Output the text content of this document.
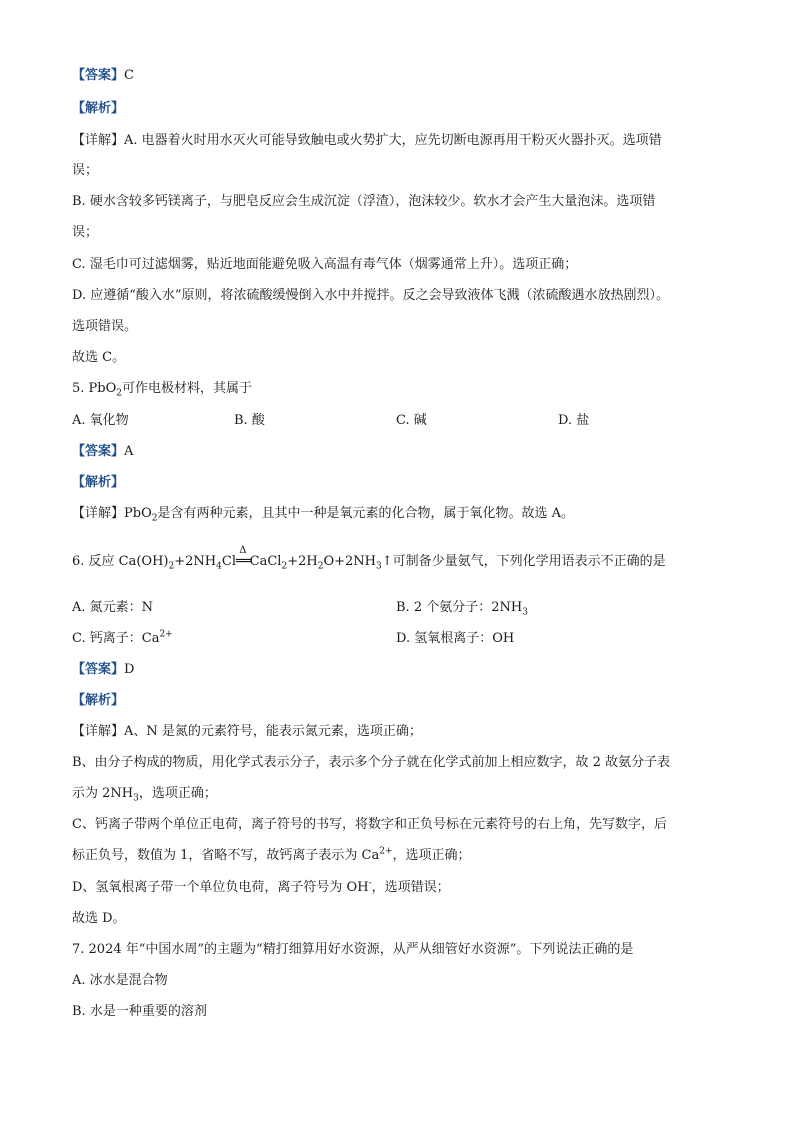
【答案】C
【解析】
【详解】A. 电器着火时用水灭火可能导致触电或火势扩大，应先切断电源再用干粉灭火器扑灭。选项错
误；
B. 硬水含较多钙镁离子，与肥皂反应会生成沉淀（浮渣），泡沫较少。软水才会产生大量泡沫。选项错
误；
C. 湿毛巾可过滤烟雾，贴近地面能避免吸入高温有毒气体（烟雾通常上升）。选项正确；
D. 应遵循“酸入水”原则，将浓硫酸缓慢倒入水中并搅拌。反之会导致液体飞溅（浓硫酸遇水放热剧烈）。
选项错误。
故选 C。
5. PbO$_2$可作电极材料，其属于
A. 氧化物	B. 酸	C. 碱	D. 盐
【答案】A
【解析】
【详解】PbO$_2$是含有两种元素，且其中一种是氧元素的化合物，属于氧化物。故选 A。
6. 反应 $Ca(OH)_2+2NH_4Cl$
Δ
$══CaCl_2+2H_2O+2NH_3↑$可制备少量氨气，下列化学用语表示不正确的是
A. 氮元素：N	B. 2 个氨分子：$2NH_3$
C. 钙离子：$Ca^{2+}$	D. 氢氧根离子：OH
【答案】D
【解析】
【详解】A、N 是氮的元素符号，能表示氮元素，选项正确；
B、由分子构成的物质，用化学式表示分子，表示多个分子就在化学式前加上相应数字，故 2 故氨分子表
示为 $2NH_3$，选项正确；
C、钙离子带两个单位正电荷，离子符号的书写，将数字和正负号标在元素符号的右上角，先写数字，后
标正负号，数值为 1，省略不写，故钙离子表示为 $Ca^{2+}$，选项正确；
D、氢氧根离子带一个单位负电荷，离子符号为 OH-，选项错误；
故选 D。
7. 2024 年“中国水周”的主题为“精打细算用好水资源，从严从细管好水资源”。下列说法正确的是
A. 冰水是混合物
B. 水是一种重要的溶剂
